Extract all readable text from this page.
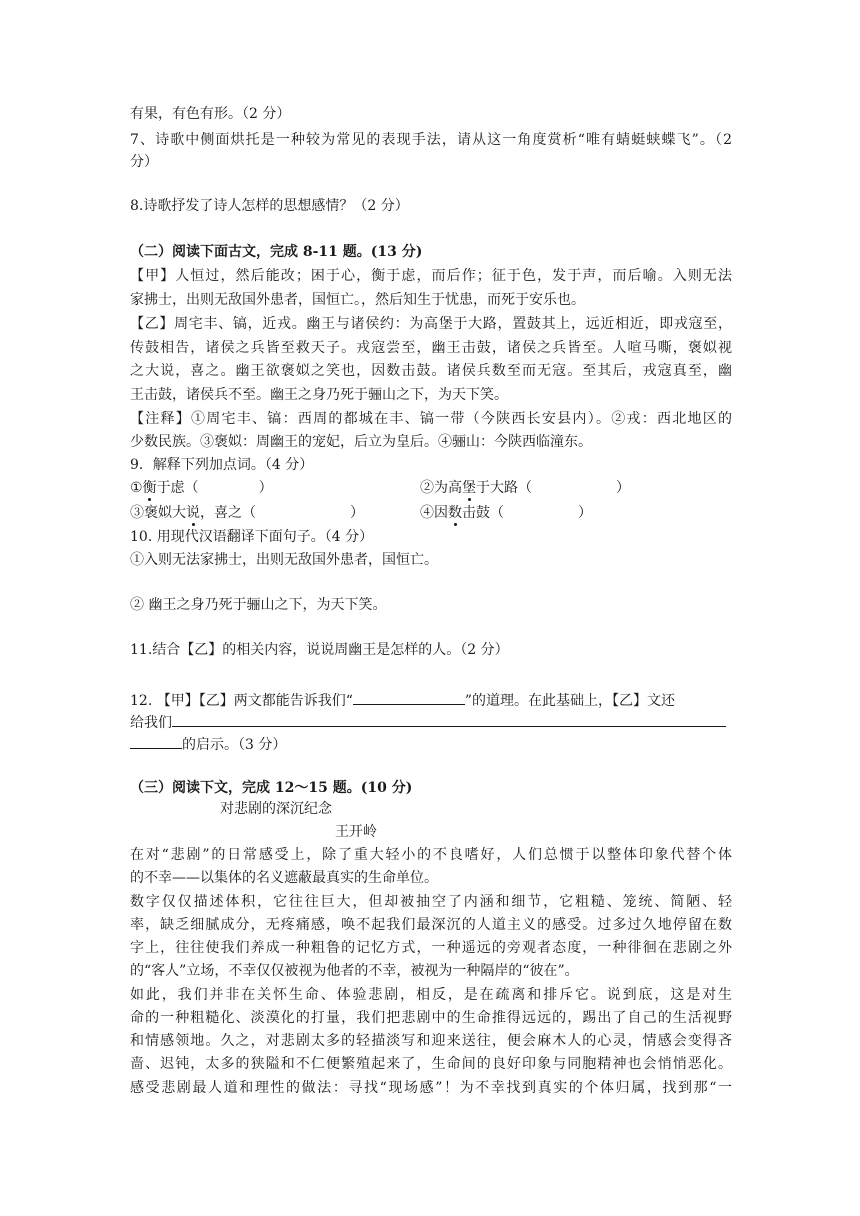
有果，有色有形。（2 分）
7、诗歌中侧面烘托是一种较为常见的表现手法，请从这一角度赏析“唯有蜻蜓蛱蝶飞”。（2
分）
8.诗歌抒发了诗人怎样的思想感情？（2 分）
（二）阅读下面古文，完成 8-11 题。(13 分)
【甲】人恒过，然后能改；困于心，衡于虑，而后作；征于色，发于声，而后喻。入则无法
家拂士，出则无敌国外患者，国恒亡。，然后知生于忧患，而死于安乐也。
【乙】周宅丰、镐，近戎。幽王与诸侯约：为高堡于大路，置鼓其上，远近相近，即戎寇至，
传鼓相告，诸侯之兵皆至救天子。戎寇尝至，幽王击鼓，诸侯之兵皆至。人喧马嘶，褒姒视
之大说，喜之。幽王欲褒姒之笑也，因数击鼓。诸侯兵数至而无寇。至其后，戎寇真至，幽
王击鼓，诸侯兵不至。幽王之身乃死于骊山之下，为天下笑。
【注释】①周宅丰、镐：西周的都城在丰、镐一带（今陕西长安县内）。②戎：西北地区的
少数民族。③褒姒：周幽王的宠妃，后立为皇后。④骊山：今陕西临潼东。
9．解释下列加点词。（4 分）
①衡于虑（	）	②为高堡于大路（	）
③褒姒大说，喜之（	）	④因数击鼓（	）
10. 用现代汉语翻译下面句子。（4 分）
①入则无法家拂士，出则无敌国外患者，国恒亡。
② 幽王之身乃死于骊山之下，为天下笑。
11.结合【乙】的相关内容，说说周幽王是怎样的人。（2 分）
12. 【甲】【乙】两文都能告诉我们“	”的道理。在此基础上，【乙】文还
给我们
的启示。（3 分）
（三）阅读下文，完成 12～15 题。(10 分)
对悲剧的深沉纪念
王开岭
在对“悲剧”的日常感受上，除了重大轻小的不良嗜好，人们总惯于以整体印象代替个体
的不幸——以集体的名义遮蔽最真实的生命单位。
数字仅仅描述体积，它往往巨大，但却被抽空了内涵和细节，它粗糙、笼统、简陋、轻
率，缺乏细腻成分，无疼痛感，唤不起我们最深沉的人道主义的感受。过多过久地停留在数
字上，往往使我们养成一种粗鲁的记忆方式，一种遥远的旁观者态度，一种徘徊在悲剧之外
的“客人”立场，不幸仅仅被视为他者的不幸，被视为一种隔岸的“彼在”。
如此，我们并非在关怀生命、体验悲剧，相反，是在疏离和排斥它。说到底，这是对生
命的一种粗糙化、淡漠化的打量，我们把悲剧中的生命推得远远的，踢出了自己的生活视野
和情感领地。久之，对悲剧太多的轻描淡写和迎来送往，便会麻木人的心灵，情感会变得吝
啬、迟钝，太多的狭隘和不仁便繁殖起来了，生命间的良好印象与同胞精神也会悄悄恶化。
感受悲剧最人道和理性的做法：寻找“现场感”！为不幸找到真实的个体归属，找到那“一
